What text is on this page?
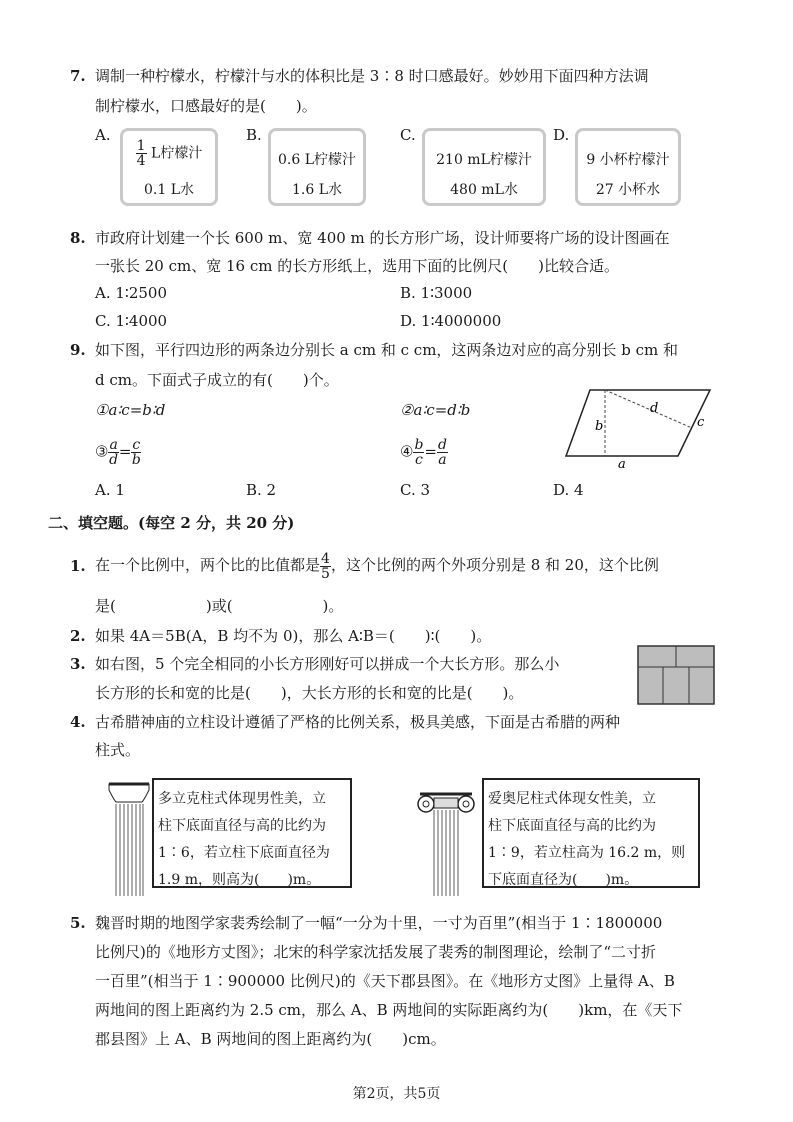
7. 调制一种柠檬水，柠檬汁与水的体积比是 3∶8 时口感最好。妙妙用下面四种方法调
制柠檬水，口感最好的是(　　)。
A.
$\frac{1}{4}$ L柠檬汁
0.1 L水
B.
0.6 L柠檬汁
1.6 L水
C.
210 mL柠檬汁
480 mL水
D.
9 小杯柠檬汁
27 小杯水
8. 市政府计划建一个长 600 m、宽 400 m 的长方形广场，设计师要将广场的设计图画在
一张长 20 cm、宽 16 cm 的长方形纸上，选用下面的比例尺(　　)比较合适。
A. 1∶2500	B. 1∶3000
C. 1∶4000	D. 1∶4000000
9. 如下图，平行四边形的两条边分别长 a cm 和 c cm，这两条边对应的高分别长 b cm 和
d cm。下面式子成立的有(　　)个。
①a∶c=b∶d	②a∶c=d∶b
③ $\frac{a}{d} = \frac{c}{b}$	④ $\frac{b}{c} = \frac{d}{a}$
b
d
c
a
A. 1	B. 2	C. 3	D. 4
二、填空题。(每空 2 分，共 20 分)
1. 在一个比例中，两个比的比值都是 $\frac{4}{5}$ ，这个比例的两个外项分别是 8 和 20，这个比例
是(　　　　　　)或(　　　　　　)。
2. 如果 4A＝5B(A，B 均不为 0)，那么 A∶B＝(　　)∶(　　)。
3. 如右图，5 个完全相同的小长方形刚好可以拼成一个大长方形。那么小
长方形的长和宽的比是(　　)，大长方形的长和宽的比是(　　)。
4. 古希腊神庙的立柱设计遵循了严格的比例关系，极具美感，下面是古希腊的两种
柱式。
多立克柱式体现男性美，立
柱下底面直径与高的比约为
1∶6，若立柱下底面直径为
1.9 m，则高为(　　)m。
爱奥尼柱式体现女性美，立
柱下底面直径与高的比约为
1∶9，若立柱高为 16.2 m，则
下底面直径为(　　)m。
5. 魏晋时期的地图学家裴秀绘制了一幅“一分为十里，一寸为百里”(相当于 1∶1800000
比例尺)的《地形方丈图》；北宋的科学家沈括发展了裴秀的制图理论，绘制了“二寸折
一百里”(相当于 1∶900000 比例尺)的《天下郡县图》。在《地形方丈图》上量得 A、B
两地间的图上距离约为 2.5 cm，那么 A、B 两地间的实际距离约为(　　)km，在《天下
郡县图》上 A、B 两地间的图上距离约为(　　)cm。
第2页，共5页
